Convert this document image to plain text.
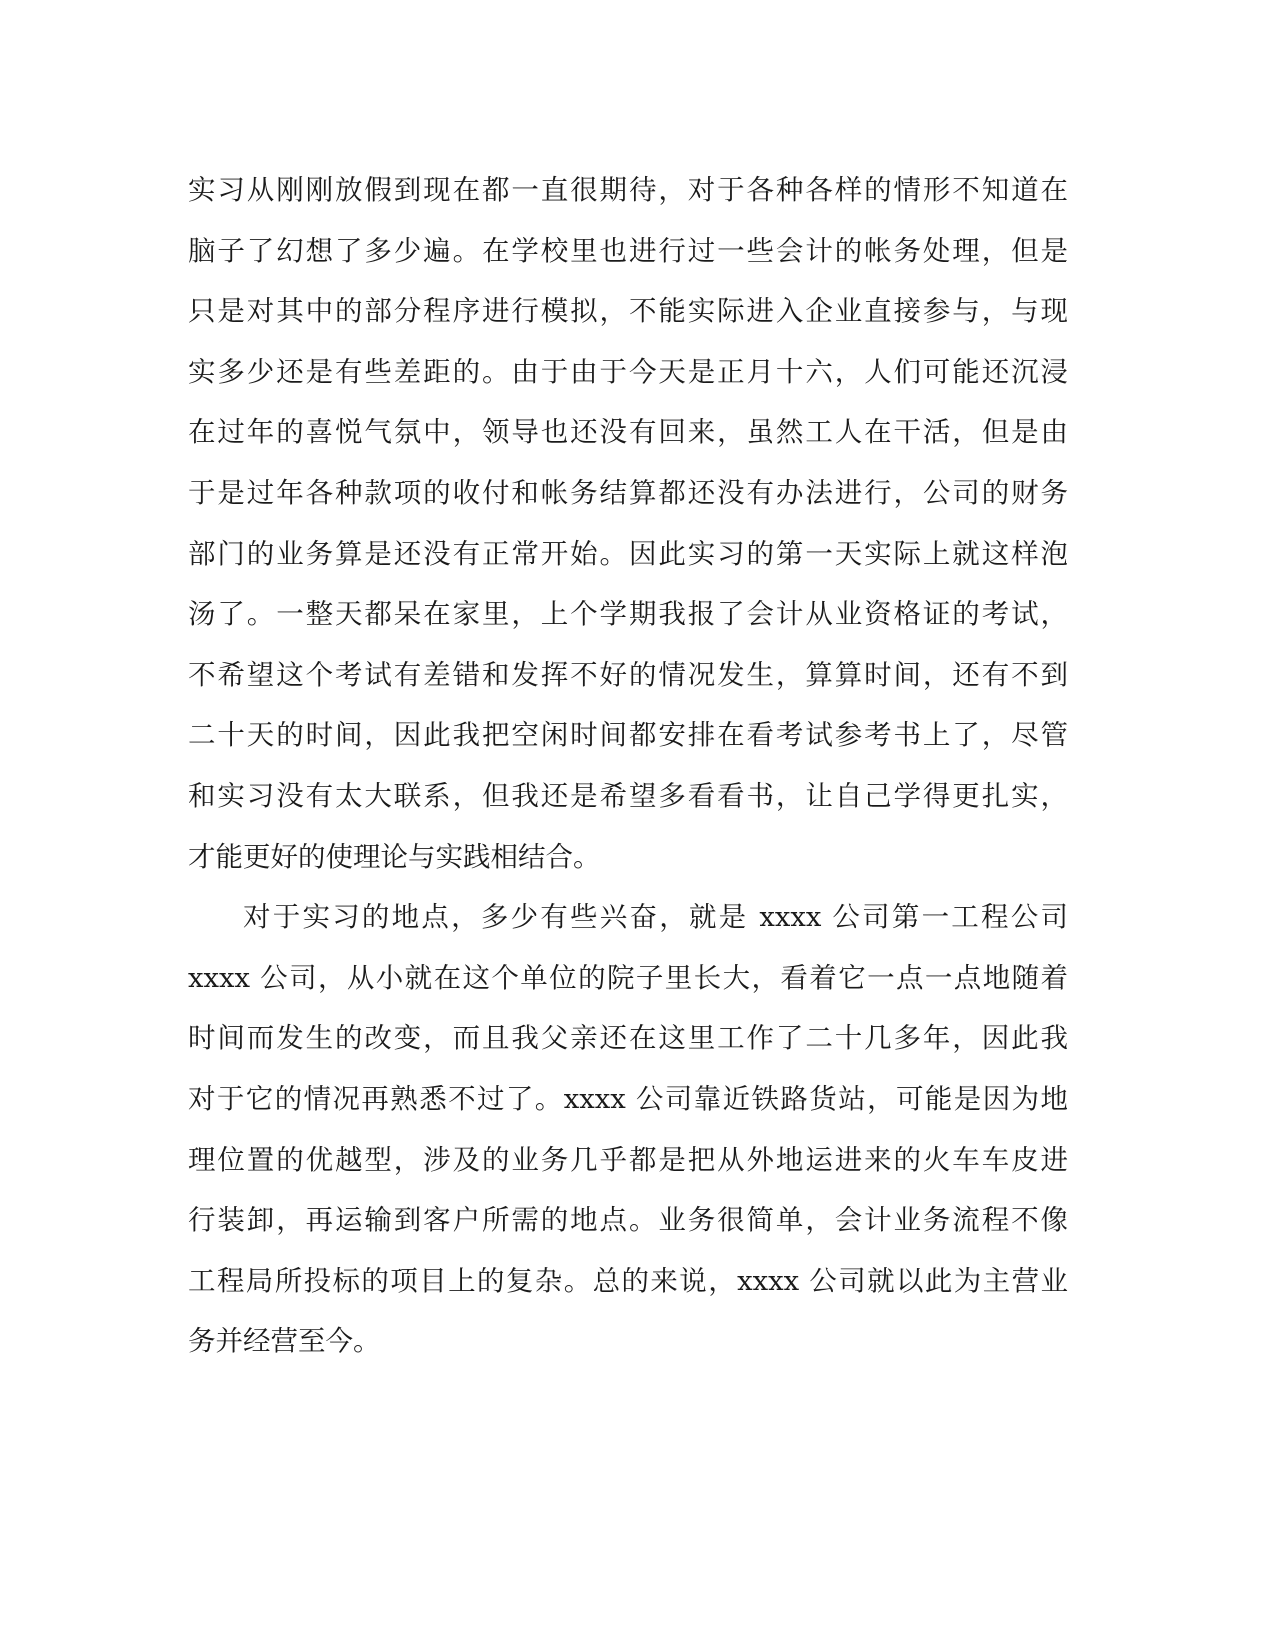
实习从刚刚放假到现在都一直很期待，对于各种各样的情形不知道在
脑子了幻想了多少遍。在学校里也进行过一些会计的帐务处理，但是
只是对其中的部分程序进行模拟，不能实际进入企业直接参与，与现
实多少还是有些差距的。由于由于今天是正月十六，人们可能还沉浸
在过年的喜悦气氛中，领导也还没有回来，虽然工人在干活，但是由
于是过年各种款项的收付和帐务结算都还没有办法进行，公司的财务
部门的业务算是还没有正常开始。因此实习的第一天实际上就这样泡
汤了。一整天都呆在家里，上个学期我报了会计从业资格证的考试，
不希望这个考试有差错和发挥不好的情况发生，算算时间，还有不到
二十天的时间，因此我把空闲时间都安排在看考试参考书上了，尽管
和实习没有太大联系，但我还是希望多看看书，让自己学得更扎实，
才能更好的使理论与实践相结合。
对于实习的地点，多少有些兴奋，就是 xxxx 公司第一工程公司
xxxx 公司，从小就在这个单位的院子里长大，看着它一点一点地随着
时间而发生的改变，而且我父亲还在这里工作了二十几多年，因此我
对于它的情况再熟悉不过了。xxxx 公司靠近铁路货站，可能是因为地
理位置的优越型，涉及的业务几乎都是把从外地运进来的火车车皮进
行装卸，再运输到客户所需的地点。业务很简单，会计业务流程不像
工程局所投标的项目上的复杂。总的来说，xxxx 公司就以此为主营业
务并经营至今。
